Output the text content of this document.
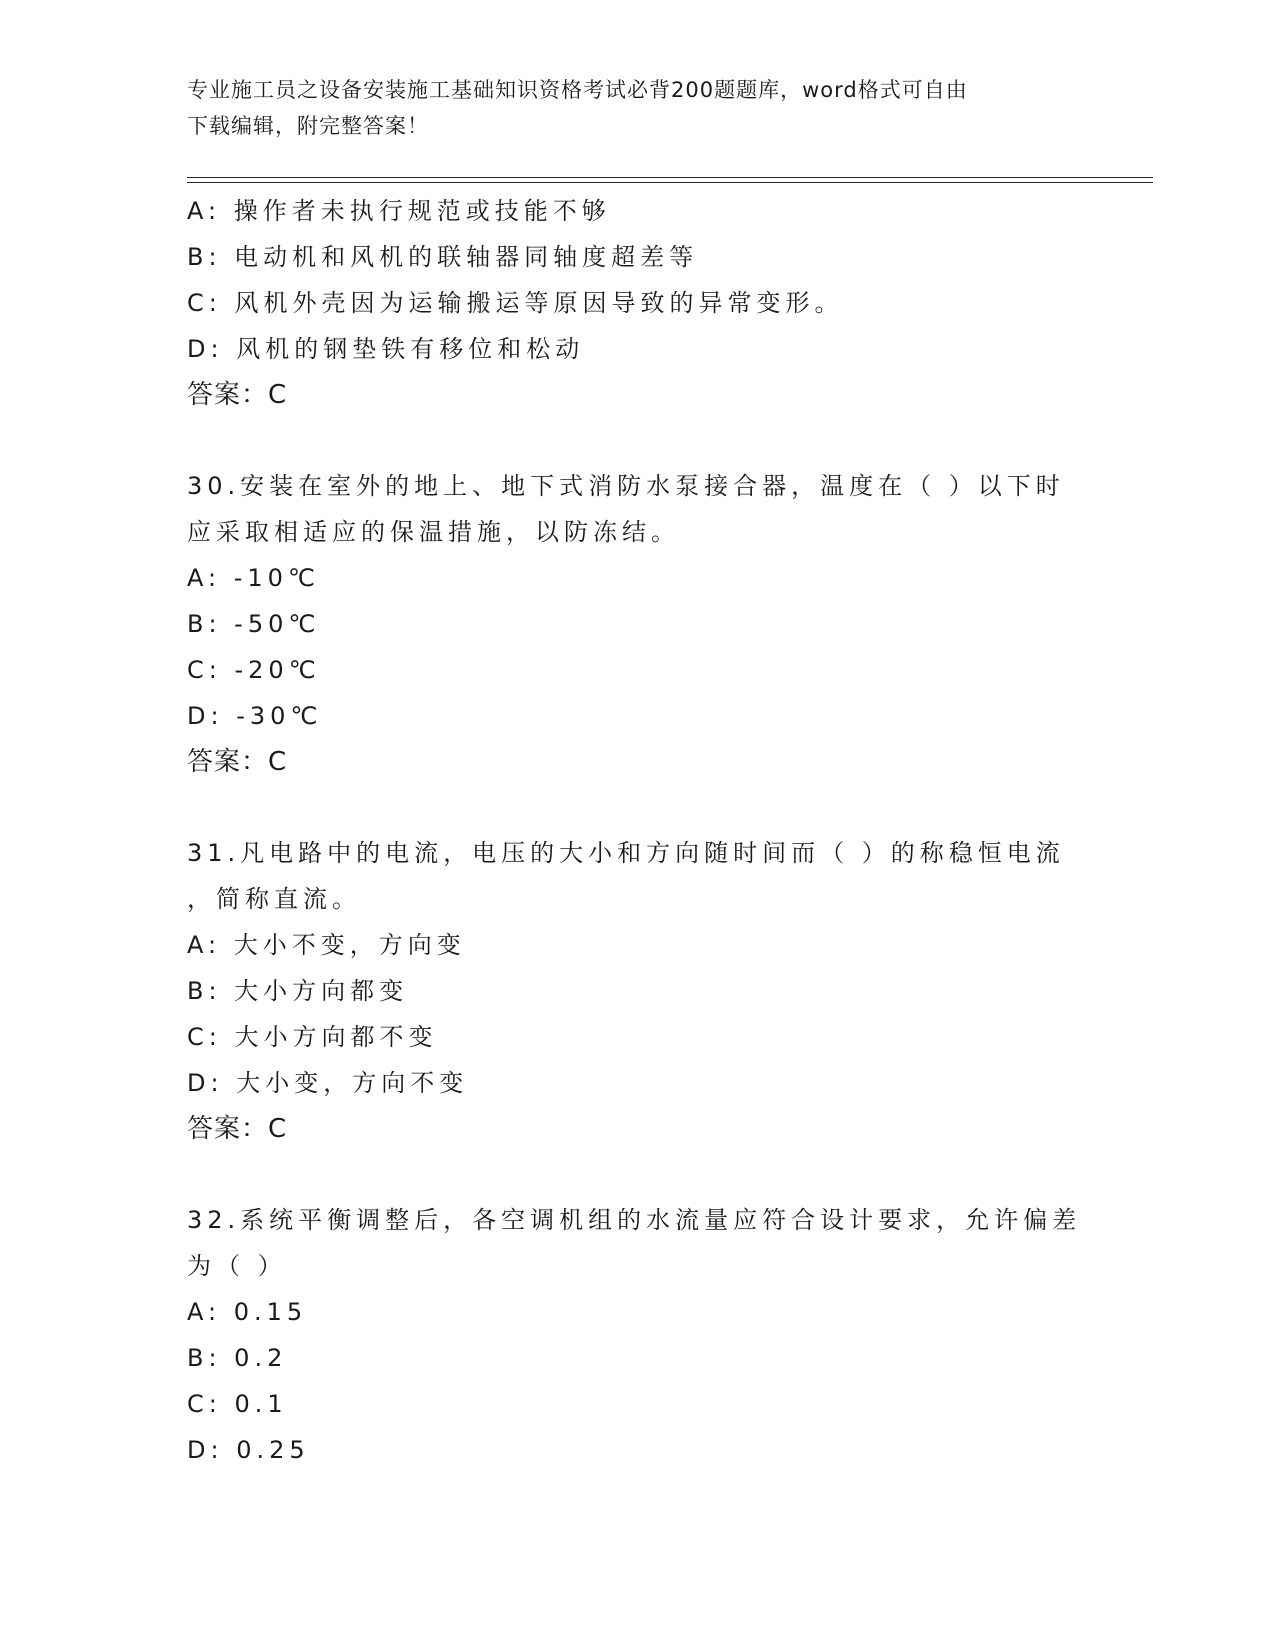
专业施工员之设备安装施工基础知识资格考试必背200题题库，word格式可自由
下载编辑，附完整答案！
A: 操作者未执行规范或技能不够
B: 电动机和风机的联轴器同轴度超差等
C: 风机外壳因为运输搬运等原因导致的异常变形。
D: 风机的钢垫铁有移位和松动
答案：C
30.安装在室外的地上、地下式消防水泵接合器，温度在（ ）以下时
应采取相适应的保温措施，以防冻结。
A: -10℃
B: -50℃
C: -20℃
D: -30℃
答案：C
31.凡电路中的电流，电压的大小和方向随时间而（ ）的称稳恒电流
，简称直流。
A: 大小不变，方向变
B: 大小方向都变
C: 大小方向都不变
D: 大小变，方向不变
答案：C
32.系统平衡调整后，各空调机组的水流量应符合设计要求，允许偏差
为（ ）
A: 0.15
B: 0.2
C: 0.1
D: 0.25
